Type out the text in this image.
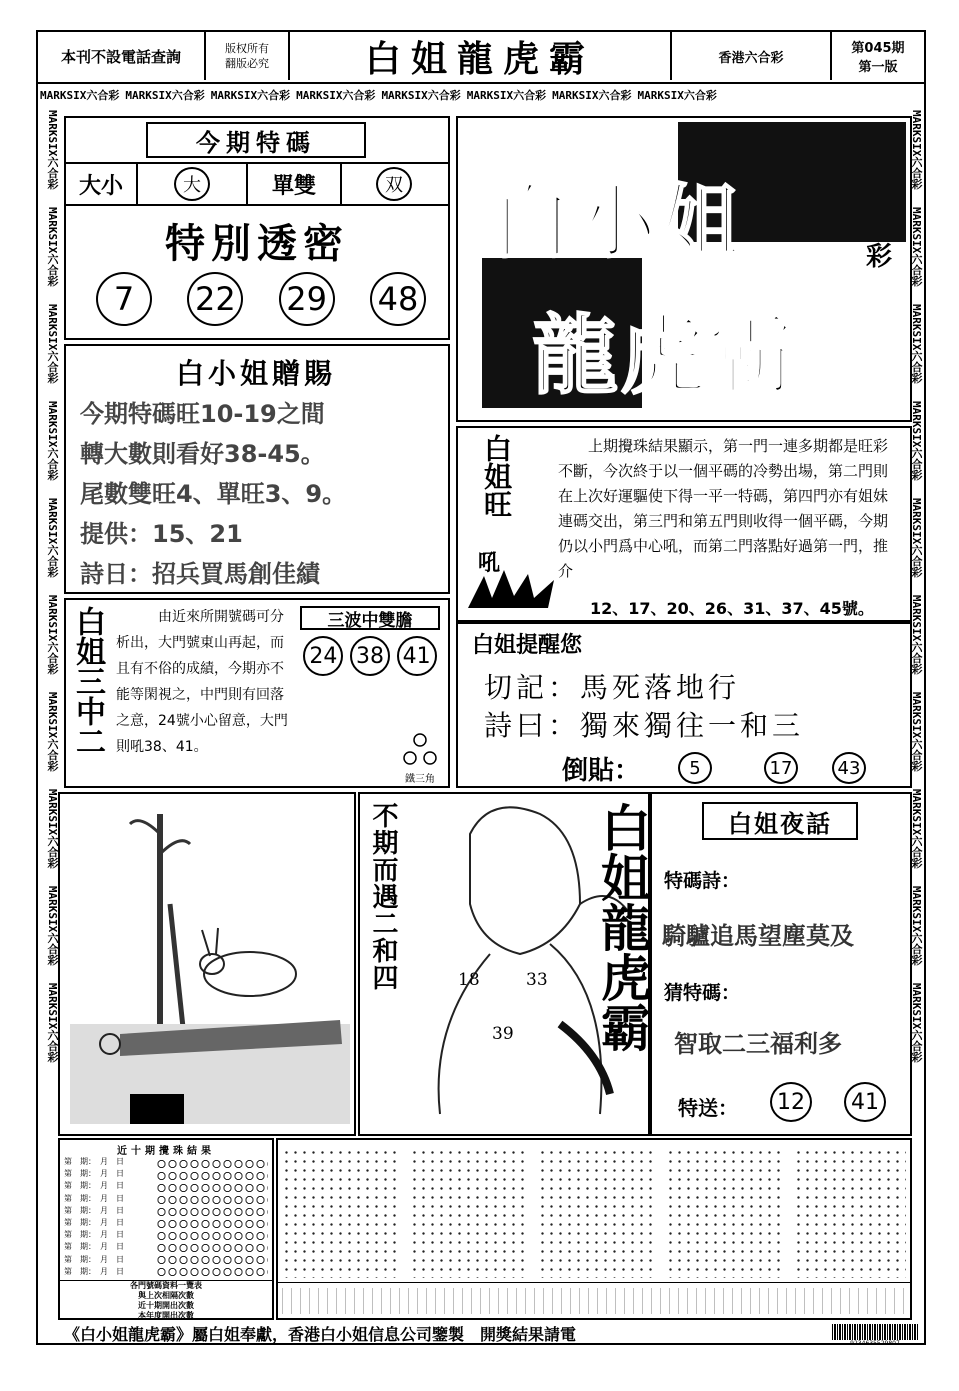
本刊不設電話查詢	版权所有
翻版必究	白姐龍虎霸	香港六合彩
第045期
第一版
MARKSIX六合彩 MARKSIX六合彩 MARKSIX六合彩 MARKSIX六合彩 MARKSIX六合彩 MARKSIX六合彩 MARKSIX六合彩 MARKSIX六合彩
MARKSIX六合彩　 MARKSIX六合彩　 MARKSIX六合彩　 MARKSIX六合彩　 MARKSIX六合彩　 MARKSIX六合彩　 MARKSIX六合彩　 MARKSIX六合彩　 MARKSIX六合彩　 MARKSIX六合彩
MARKSIX六合彩　 MARKSIX六合彩　 MARKSIX六合彩　 MARKSIX六合彩　 MARKSIX六合彩　 MARKSIX六合彩　 MARKSIX六合彩　 MARKSIX六合彩　 MARKSIX六合彩　 MARKSIX六合彩
今期特碼
大小	大	單雙	双
特別透密
7	22 29 48
白小姐
龍虎霸
彩
白小姐贈賜
今期特碼旺10-19之間
轉大數則看好38-45。
尾數雙旺4、單旺3、9。
提供：15、21
詩日：招兵買馬創佳績
白姐旺
吼
上期攪珠結果顯示，第一門一連多期都是旺彩不斷，今次終于以一個平碼的冷勢出場，第二門則在上次好運驅使下得一平一特碼，第四門亦有姐妹連碼交出，第三門和第五門則收得一個平碼，今期仍以小門爲中心吼，而第二門落點好過第一門，推介
12、17、20、26、31、37、45號。
白姐三中二	由近來所開號碼可分析出，大門號東山再起，而且有不俗的成績，今期亦不能等閑視之，中門則有回落之意，24號小心留意，大門則吼38、41。
三波中雙膽
24 38 41
鐵三角
白姐提醒您
切記：馬死落地行
詩曰：獨來獨往一和三
倒貼：	5	17	43
不期而遇二和四	18	33
39 白姐龍虎霸	白姐夜話
特碼詩：
騎驢追馬望塵莫及
猜特碼：
智取二三福利多
特送：	12	41
近十期攪珠結果
第　期：　月　日
第　期：　月　日
第　期：　月　日
第　期：　月　日
第　期：　月　日
第　期：　月　日
第　期：　月　日
第　期：　月　日
第　期：　月　日
第　期：　月　日
各門號碼資料一覽表
與上次相隔次數
近十期開出次數
本年度開出次數
《白小姐龍虎霸》屬白姐奉獻，香港白小姐信息公司鑒製　開獎結果請電	9234635529807
